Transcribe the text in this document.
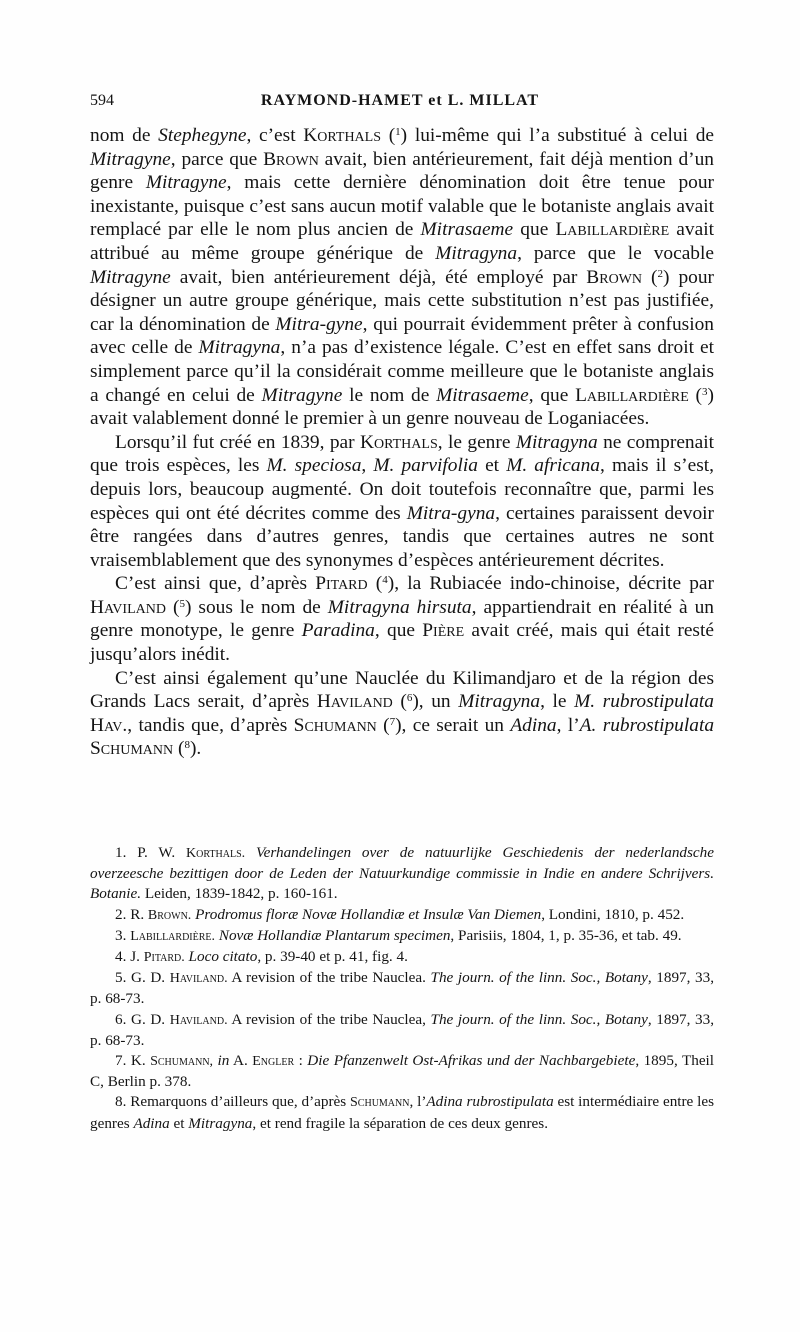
594	RAYMOND-HAMET et L. MILLAT

nom de Stephegyne, c’est Korthals ($^1$) lui-même qui l’a substitué à celui de Mitragyne, parce que Brown avait, bien antérieurement, fait déjà mention d’un genre Mitragyne, mais cette dernière dénomination doit être tenue pour inexistante, puisque c’est sans aucun motif valable que le botaniste anglais avait remplacé par elle le nom plus ancien de Mitrasaeme que Labillardière avait attribué au même groupe générique de Mitragyna, parce que le vocable Mitragyne avait, bien antérieurement déjà, été employé par Brown ($^2$) pour désigner un autre groupe générique, mais cette substitution n’est pas justifiée, car la dénomination de Mitra-gyne, qui pourrait évidemment prêter à confusion avec celle de Mitragyna, n’a pas d’existence légale. C’est en effet sans droit et simplement parce qu’il la considérait comme meilleure que le botaniste anglais a changé en celui de Mitragyne le nom de Mitrasaeme, que Labillardière ($^3$) avait valablement donné le premier à un genre nouveau de Loganiacées.

Lorsqu’il fut créé en 1839, par Korthals, le genre Mitragyna ne comprenait que trois espèces, les M. speciosa, M. parvifolia et M. africana, mais il s’est, depuis lors, beaucoup augmenté. On doit toutefois reconnaître que, parmi les espèces qui ont été décrites comme des Mitra-gyna, certaines paraissent devoir être rangées dans d’autres genres, tandis que certaines autres ne sont vraisemblablement que des synonymes d’espèces antérieurement décrites.

C’est ainsi que, d’après Pitard ($^4$), la Rubiacée indo-chinoise, décrite par Haviland ($^5$) sous le nom de Mitragyna hirsuta, appartiendrait en réalité à un genre monotype, le genre Paradina, que Pière avait créé, mais qui était resté jusqu’alors inédit.

C’est ainsi également qu’une Nauclée du Kilimandjaro et de la région des Grands Lacs serait, d’après Haviland ($^6$), un Mitragyna, le M. rubrostipulata Hav., tandis que, d’après Schumann ($^7$), ce serait un Adina, l’A. rubrostipulata Schumann ($^8$).

1. P. W. Korthals. Verhandelingen over de natuurlijke Geschiedenis der nederlandsche overzeesche bezittigen door de Leden der Natuurkundige commissie in Indie en andere Schrijvers. Botanie. Leiden, 1839-1842, p. 160-161.

2. R. Brown. Prodromus floræ Novæ Hollandiæ et Insulæ Van Diemen, Londini, 1810, p. 452.

3. Labillardière. Novæ Hollandiæ Plantarum specimen, Parisiis, 1804, 1, p. 35-36, et tab. 49.

4. J. Pitard. Loco citato, p. 39-40 et p. 41, fig. 4.

5. G. D. Haviland. A revision of the tribe Nauclea. The journ. of the linn. Soc., Botany, 1897, 33, p. 68-73.

6. G. D. Haviland. A revision of the tribe Nauclea, The journ. of the linn. Soc., Botany, 1897, 33, p. 68-73.

7. K. Schumann, in A. Engler : Die Pfanzenwelt Ost-Afrikas und der Nachbargebiete, 1895, Theil C, Berlin p. 378.

8. Remarquons d’ailleurs que, d’après Schumann, l’Adina rubrostipulata est intermédiaire entre les genres Adina et Mitragyna, et rend fragile la séparation de ces deux genres.
